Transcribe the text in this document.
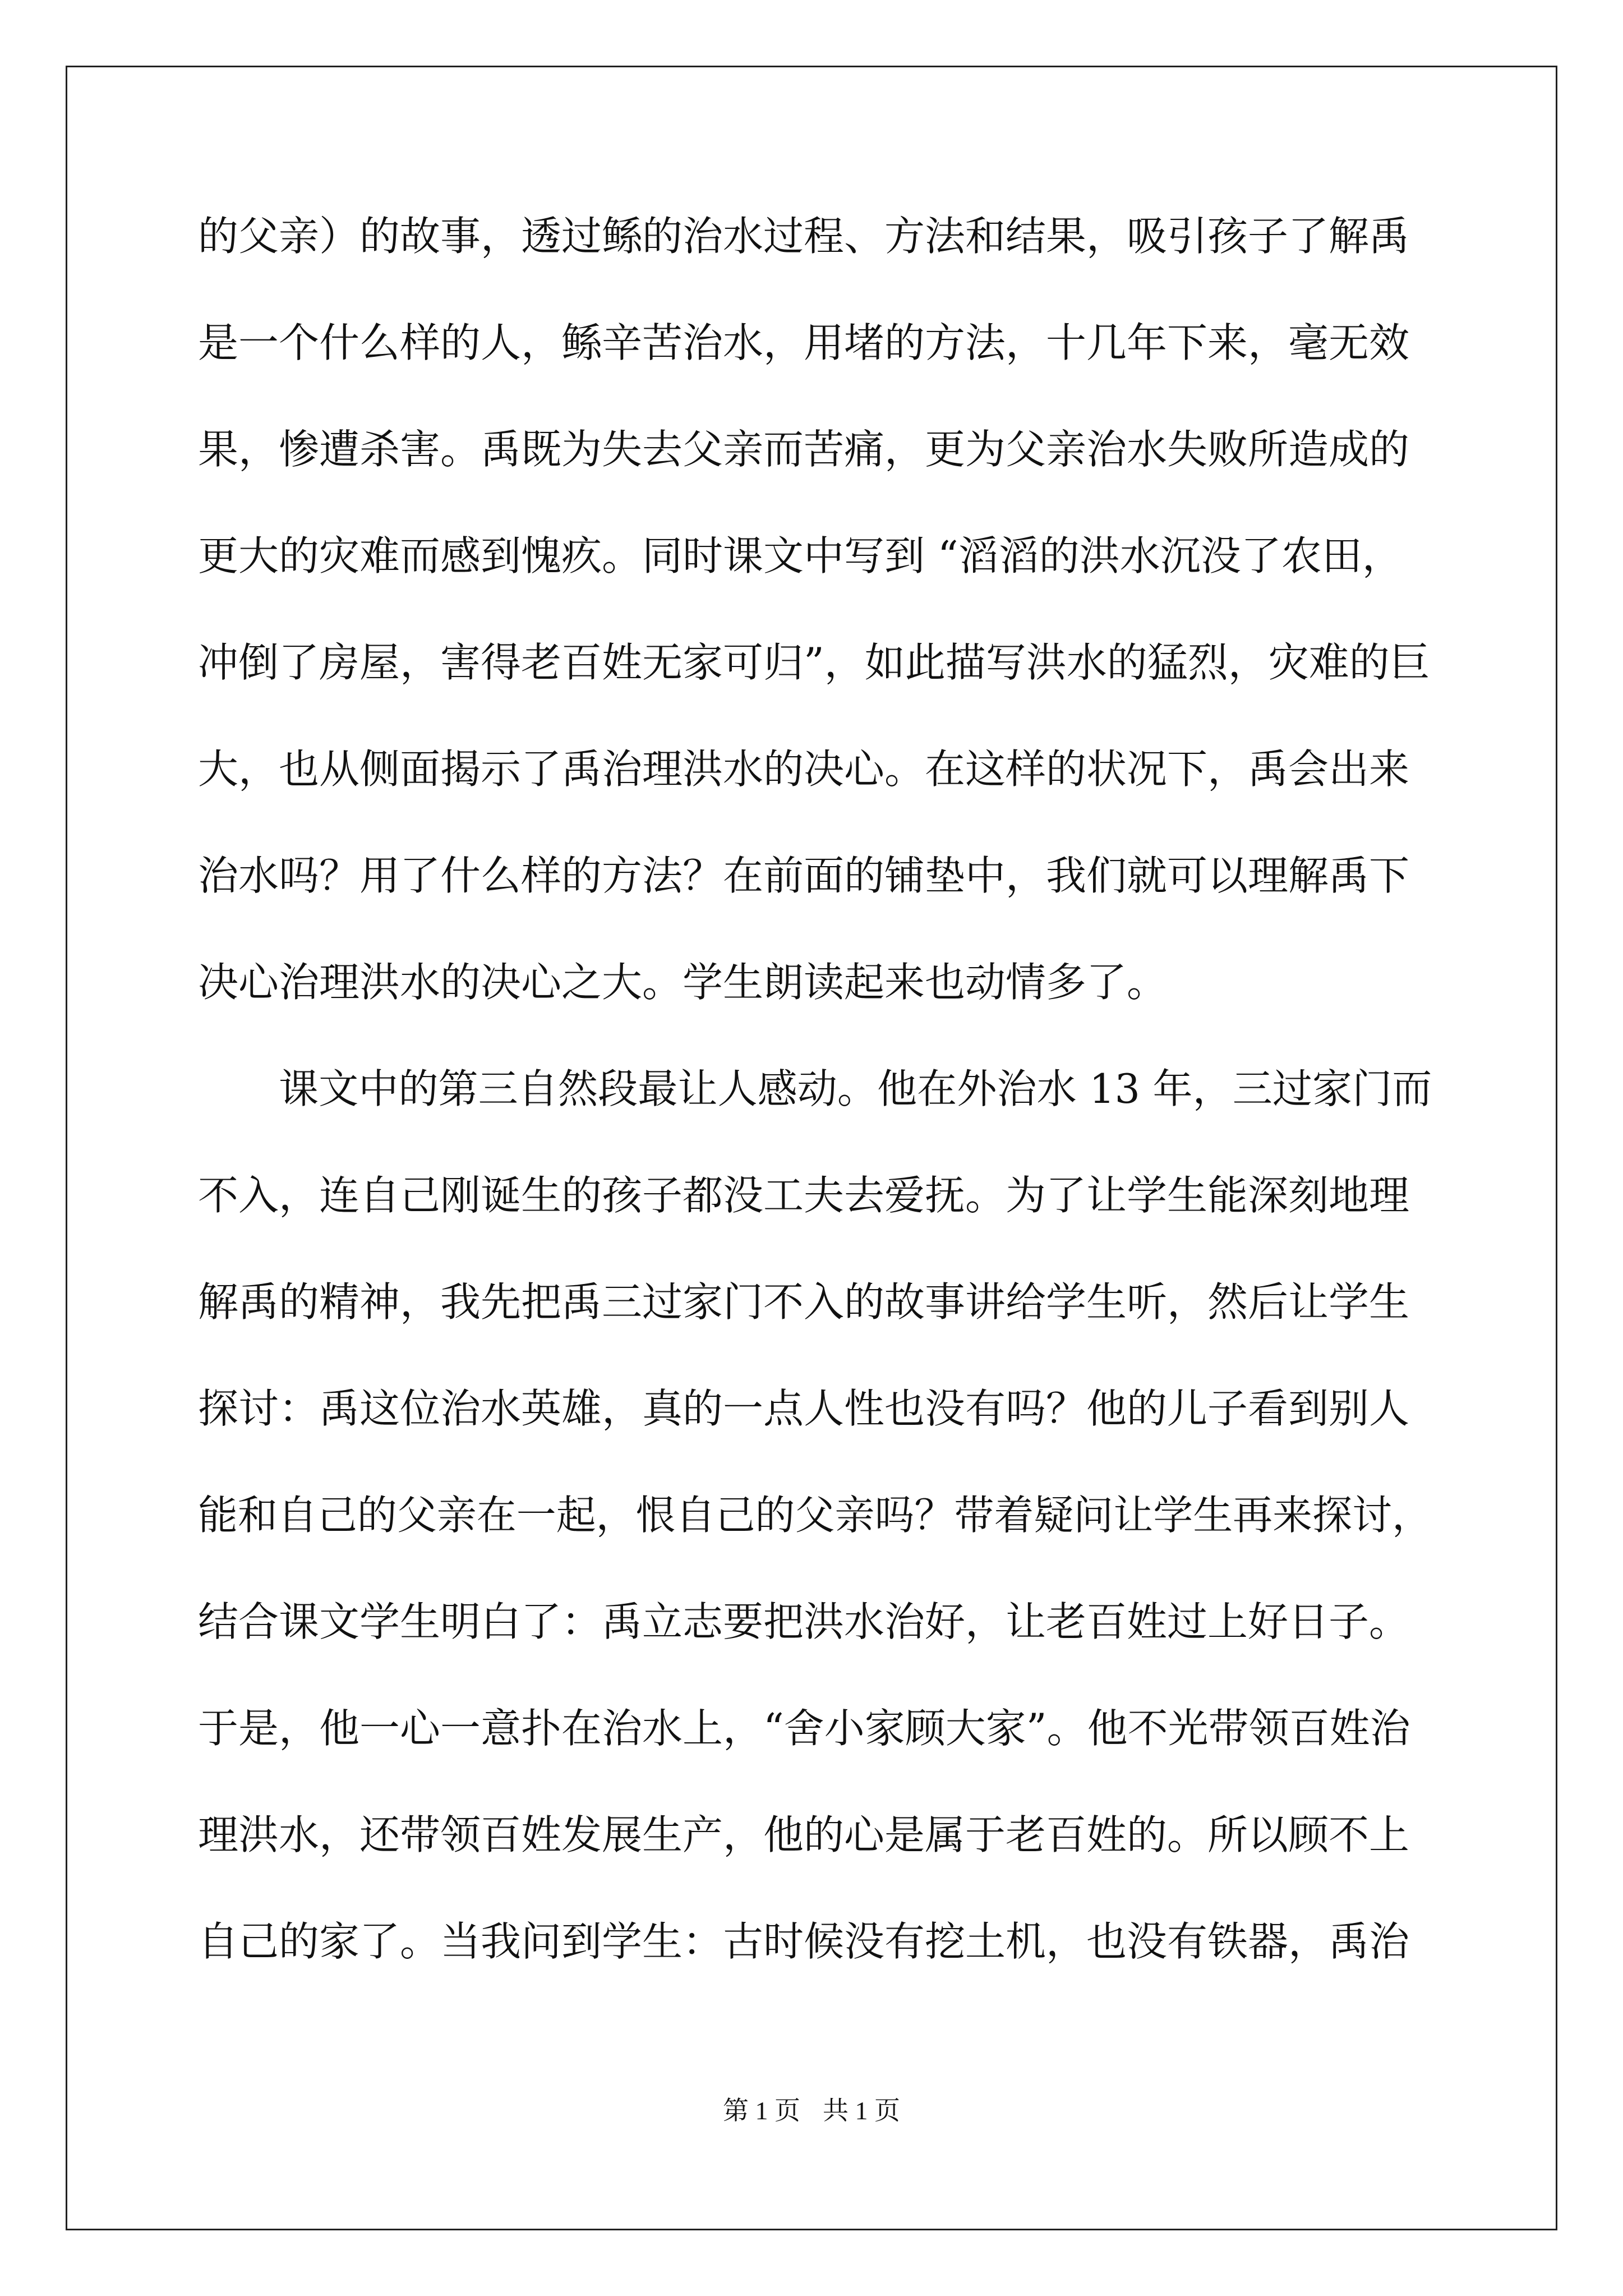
的父亲）的故事，透过鲧的治水过程、方法和结果，吸引孩子了解禹
是一个什么样的人，鲧辛苦治水，用堵的方法，十几年下来，毫无效
果，惨遭杀害。禹既为失去父亲而苦痛，更为父亲治水失败所造成的
更大的灾难而感到愧疚。同时课文中写到 “滔滔的洪水沉没了农田，
冲倒了房屋，害得老百姓无家可归”，如此描写洪水的猛烈，灾难的巨
大，也从侧面揭示了禹治理洪水的决心。在这样的状况下，禹会出来
治水吗？用了什么样的方法？在前面的铺垫中，我们就可以理解禹下
决心治理洪水的决心之大。学生朗读起来也动情多了。
课文中的第三自然段最让人感动。他在外治水 13 年，三过家门而
不入，连自己刚诞生的孩子都没工夫去爱抚。为了让学生能深刻地理
解禹的精神，我先把禹三过家门不入的故事讲给学生听，然后让学生
探讨：禹这位治水英雄，真的一点人性也没有吗？他的儿子看到别人
能和自己的父亲在一起，恨自己的父亲吗？带着疑问让学生再来探讨，
结合课文学生明白了：禹立志要把洪水治好，让老百姓过上好日子。
于是，他一心一意扑在治水上，“舍小家顾大家”。他不光带领百姓治
理洪水，还带领百姓发展生产，他的心是属于老百姓的。所以顾不上
自己的家了。当我问到学生：古时候没有挖土机，也没有铁器，禹治
第 1 页 共 1 页
